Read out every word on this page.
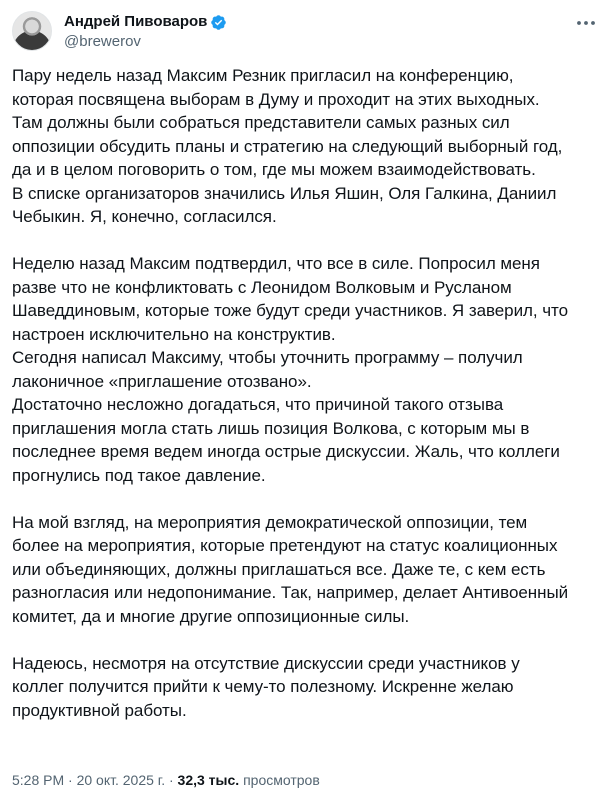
Андрей Пивоваров
@brewerov
Пару недель назад Максим Резник пригласил на конференцию,
которая посвящена выборам в Думу и проходит на этих выходных.
Там должны были собраться представители самых разных сил
оппозиции обсудить планы и стратегию на следующий выборный год,
да и в целом поговорить о том, где мы можем взаимодействовать.
В списке организаторов значились Илья Яшин, Оля Галкина, Даниил
Чебыкин. Я, конечно, согласился.
Неделю назад Максим подтвердил, что все в силе. Попросил меня
разве что не конфликтовать с Леонидом Волковым и Русланом
Шаведдиновым, которые тоже будут среди участников. Я заверил, что
настроен исключительно на конструктив.
Сегодня написал Максиму, чтобы уточнить программу – получил
лаконичное «приглашение отозвано».
Достаточно несложно догадаться, что причиной такого отзыва
приглашения могла стать лишь позиция Волкова, с которым мы в
последнее время ведем иногда острые дискуссии. Жаль, что коллеги
прогнулись под такое давление.
На мой взгляд, на мероприятия демократической оппозиции, тем
более на мероприятия, которые претендуют на статус коалиционных
или объединяющих, должны приглашаться все. Даже те, с кем есть
разногласия или недопонимание. Так, например, делает Антивоенный
комитет, да и многие другие оппозиционные силы.
Надеюсь, несмотря на отсутствие дискуссии среди участников у
коллег получится прийти к чему-то полезному. Искренне желаю
продуктивной работы.
5:28 PM · 20 окт. 2025 г. · 32,3 тыс. просмотров
